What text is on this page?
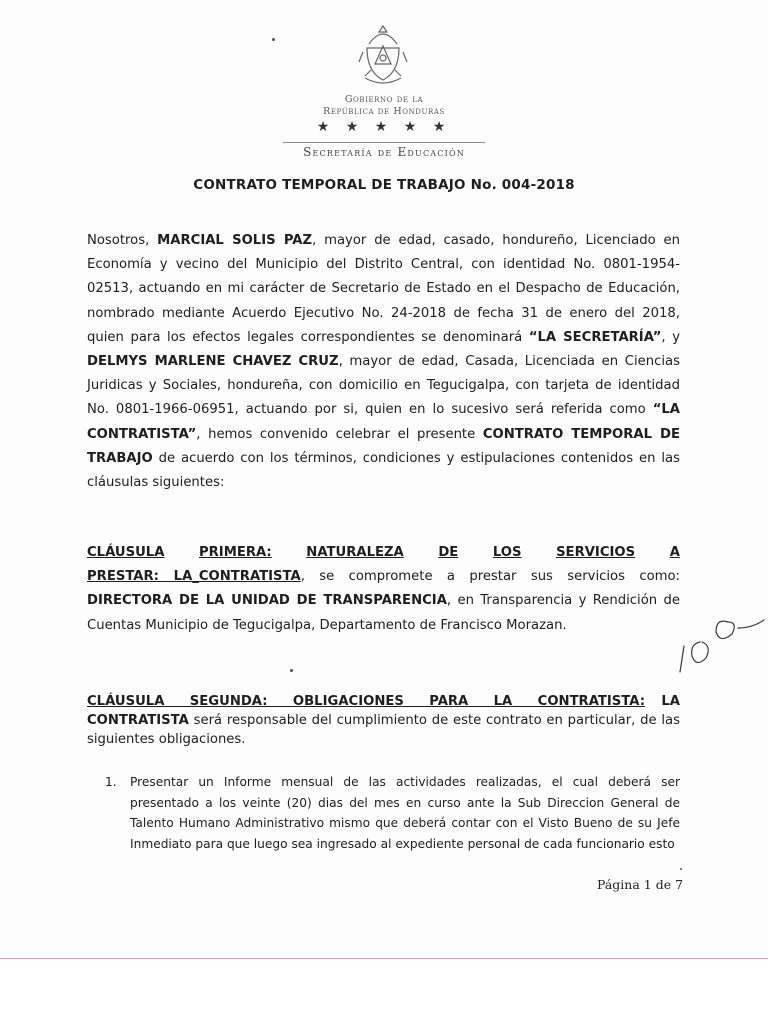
Gobierno de la
República de Honduras
★ ★ ★ ★ ★
Secretaría de Educación
CONTRATO TEMPORAL DE TRABAJO No. 004-2018

Nosotros, MARCIAL SOLIS PAZ, mayor de edad, casado, hondureño, Licenciado en Economía y vecino del Municipio del Distrito Central, con identidad No. 0801-1954-02513, actuando en mi carácter de Secretario de Estado en el Despacho de Educación, nombrado mediante Acuerdo Ejecutivo No. 24-2018 de fecha 31 de enero del 2018, quien para los efectos legales correspondientes se denominará “LA SECRETARÍA”, y DELMYS MARLENE CHAVEZ CRUZ, mayor de edad, Casada, Licenciada en Ciencias Juridicas y Sociales, hondureña, con domicilio en Tegucigalpa, con tarjeta de identidad No. 0801-1966-06951, actuando por si, quien en lo sucesivo será referida como “LA CONTRATISTA”, hemos convenido celebrar el presente CONTRATO TEMPORAL DE TRABAJO de acuerdo con los términos, condiciones y estipulaciones contenidos en las cláusulas siguientes:

CLÁUSULA	PRIMERA:	NATURALEZA	DE	LOS	SERVICIOS	A
PRESTAR: LA_CONTRATISTA, se compromete a prestar sus servicios como: DIRECTORA DE LA UNIDAD DE TRANSPARENCIA, en Transparencia y Rendición de Cuentas Municipio de Tegucigalpa, Departamento de Francisco Morazan.

CLÁUSULA SEGUNDA: OBLIGACIONES PARA LA CONTRATISTA: LA CONTRATISTA será responsable del cumplimiento de este contrato en particular, de las siguientes obligaciones.

1. Presentar un Informe mensual de las actividades realizadas, el cual deberá ser presentado a los veinte (20) dias del mes en curso ante la Sub Direccion General de Talento Humano Administrativo mismo que deberá contar con el Visto Bueno de su Jefe Inmediato para que luego sea ingresado al expediente personal de cada funcionario esto
Página 1 de 7
